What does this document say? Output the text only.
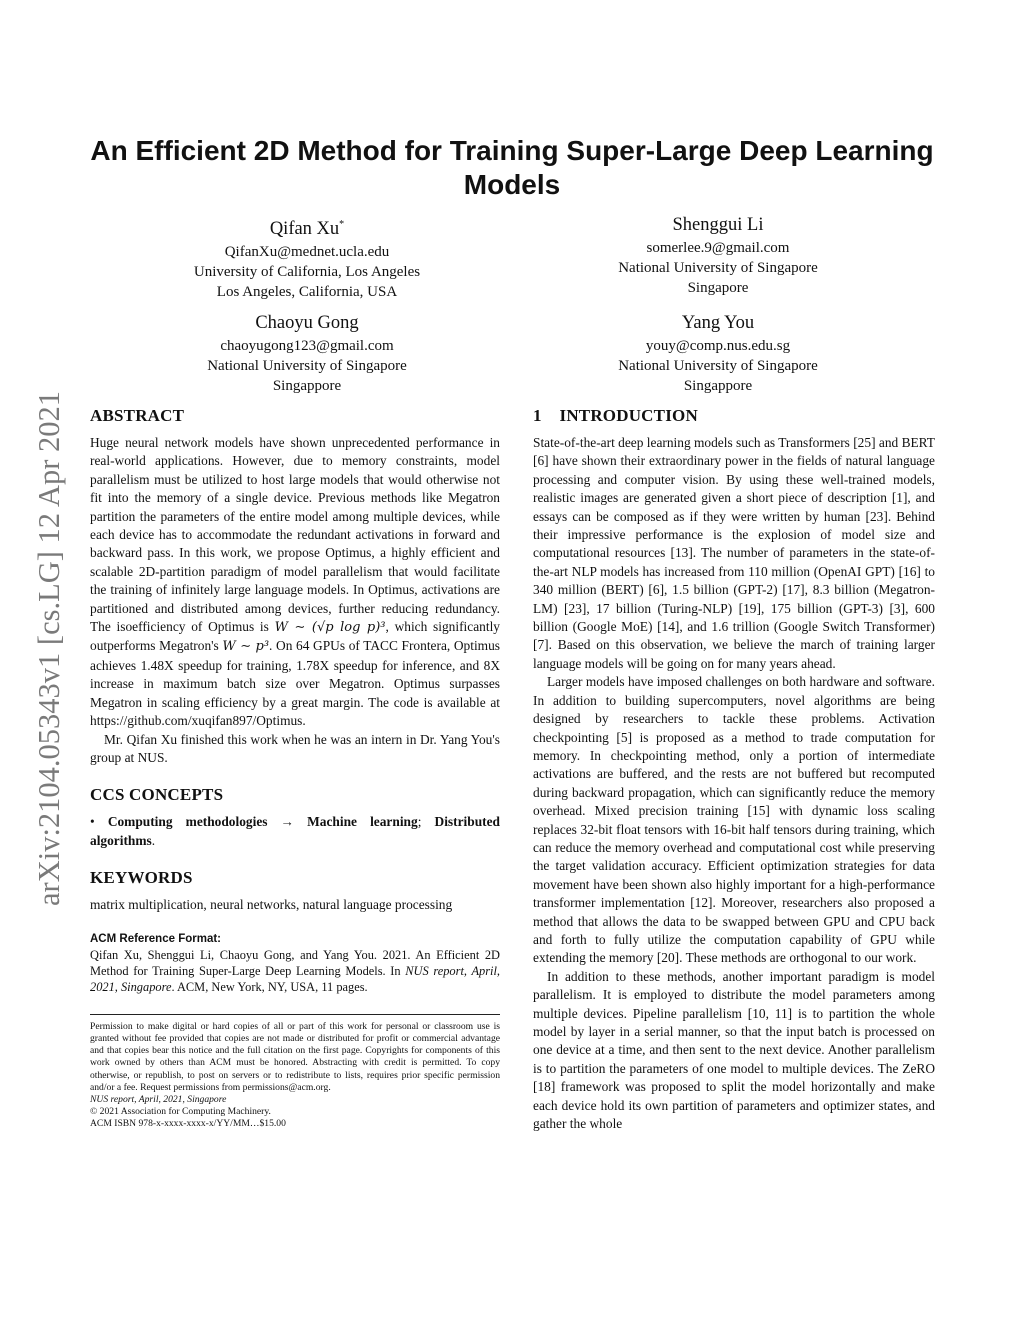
arXiv:2104.05343v1 [cs.LG] 12 Apr 2021
An Efficient 2D Method for Training Super-Large Deep Learning Models
Qifan Xu*
QifanXu@mednet.ucla.edu
University of California, Los Angeles
Los Angeles, California, USA
Shenggui Li
somerlee.9@gmail.com
National University of Singapore
Singapore
Chaoyu Gong
chaoyugong123@gmail.com
National University of Singapore
Singappore
Yang You
youy@comp.nus.edu.sg
National University of Singapore
Singappore
ABSTRACT

Huge neural network models have shown unprecedented performance in real-world applications. However, due to memory constraints, model parallelism must be utilized to host large models that would otherwise not fit into the memory of a single device. Previous methods like Megatron partition the parameters of the entire model among multiple devices, while each device has to accommodate the redundant activations in forward and backward pass. In this work, we propose Optimus, a highly efficient and scalable 2D-partition paradigm of model parallelism that would facilitate the training of infinitely large language models. In Optimus, activations are partitioned and distributed among devices, further reducing redundancy. The isoefficiency of Optimus is W ∼ (√p log p)³, which significantly outperforms Megatron's W ∼ p³. On 64 GPUs of TACC Frontera, Optimus achieves 1.48X speedup for training, 1.78X speedup for inference, and 8X increase in maximum batch size over Megatron. Optimus surpasses Megatron in scaling efficiency by a great margin. The code is available at https://github.com/xuqifan897/Optimus.

Mr. Qifan Xu finished this work when he was an intern in Dr. Yang You's group at NUS.

CCS CONCEPTS

• Computing methodologies → Machine learning; Distributed algorithms.

KEYWORDS

matrix multiplication, neural networks, natural language processing

ACM Reference Format:

Qifan Xu, Shenggui Li, Chaoyu Gong, and Yang You. 2021. An Efficient 2D Method for Training Super-Large Deep Learning Models. In NUS report, April, 2021, Singapore. ACM, New York, NY, USA, 11 pages.

Permission to make digital or hard copies of all or part of this work for personal or classroom use is granted without fee provided that copies are not made or distributed for profit or commercial advantage and that copies bear this notice and the full citation on the first page. Copyrights for components of this work owned by others than ACM must be honored. Abstracting with credit is permitted. To copy otherwise, or republish, to post on servers or to redistribute to lists, requires prior specific permission and/or a fee. Request permissions from permissions@acm.org.

NUS report, April, 2021, Singapore

© 2021 Association for Computing Machinery.

ACM ISBN 978-x-xxxx-xxxx-x/YY/MM…$15.00

1    INTRODUCTION

State-of-the-art deep learning models such as Transformers [25] and BERT [6] have shown their extraordinary power in the fields of natural language processing and computer vision. By using these well-trained models, realistic images are generated given a short piece of description [1], and essays can be composed as if they were written by human [23]. Behind their impressive performance is the explosion of model size and computational resources [13]. The number of parameters in the state-of-the-art NLP models has increased from 110 million (OpenAI GPT) [16] to 340 million (BERT) [6], 1.5 billion (GPT-2) [17], 8.3 billion (Megatron-LM) [23], 17 billion (Turing-NLP) [19], 175 billion (GPT-3) [3], 600 billion (Google MoE) [14], and 1.6 trillion (Google Switch Transformer) [7]. Based on this observation, we believe the march of training larger language models will be going on for many years ahead.

Larger models have imposed challenges on both hardware and software. In addition to building supercomputers, novel algorithms are being designed by researchers to tackle these problems. Activation checkpointing [5] is proposed as a method to trade computation for memory. In checkpointing method, only a portion of intermediate activations are buffered, and the rests are not buffered but recomputed during backward propagation, which can significantly reduce the memory overhead. Mixed precision training [15] with dynamic loss scaling replaces 32-bit float tensors with 16-bit half tensors during training, which can reduce the memory overhead and computational cost while preserving the target validation accuracy. Efficient optimization strategies for data movement have been shown also highly important for a high-performance transformer implementation [12]. Moreover, researchers also proposed a method that allows the data to be swapped between GPU and CPU back and forth to fully utilize the computation capability of GPU while extending the memory [20]. These methods are orthogonal to our work.

In addition to these methods, another important paradigm is model parallelism. It is employed to distribute the model parameters among multiple devices. Pipeline parallelism [10, 11] is to partition the whole model by layer in a serial manner, so that the input batch is processed on one device at a time, and then sent to the next device. Another parallelism is to partition the parameters of one model to multiple devices. The ZeRO [18] framework was proposed to split the model horizontally and make each device hold its own partition of parameters and optimizer states, and gather the whole
